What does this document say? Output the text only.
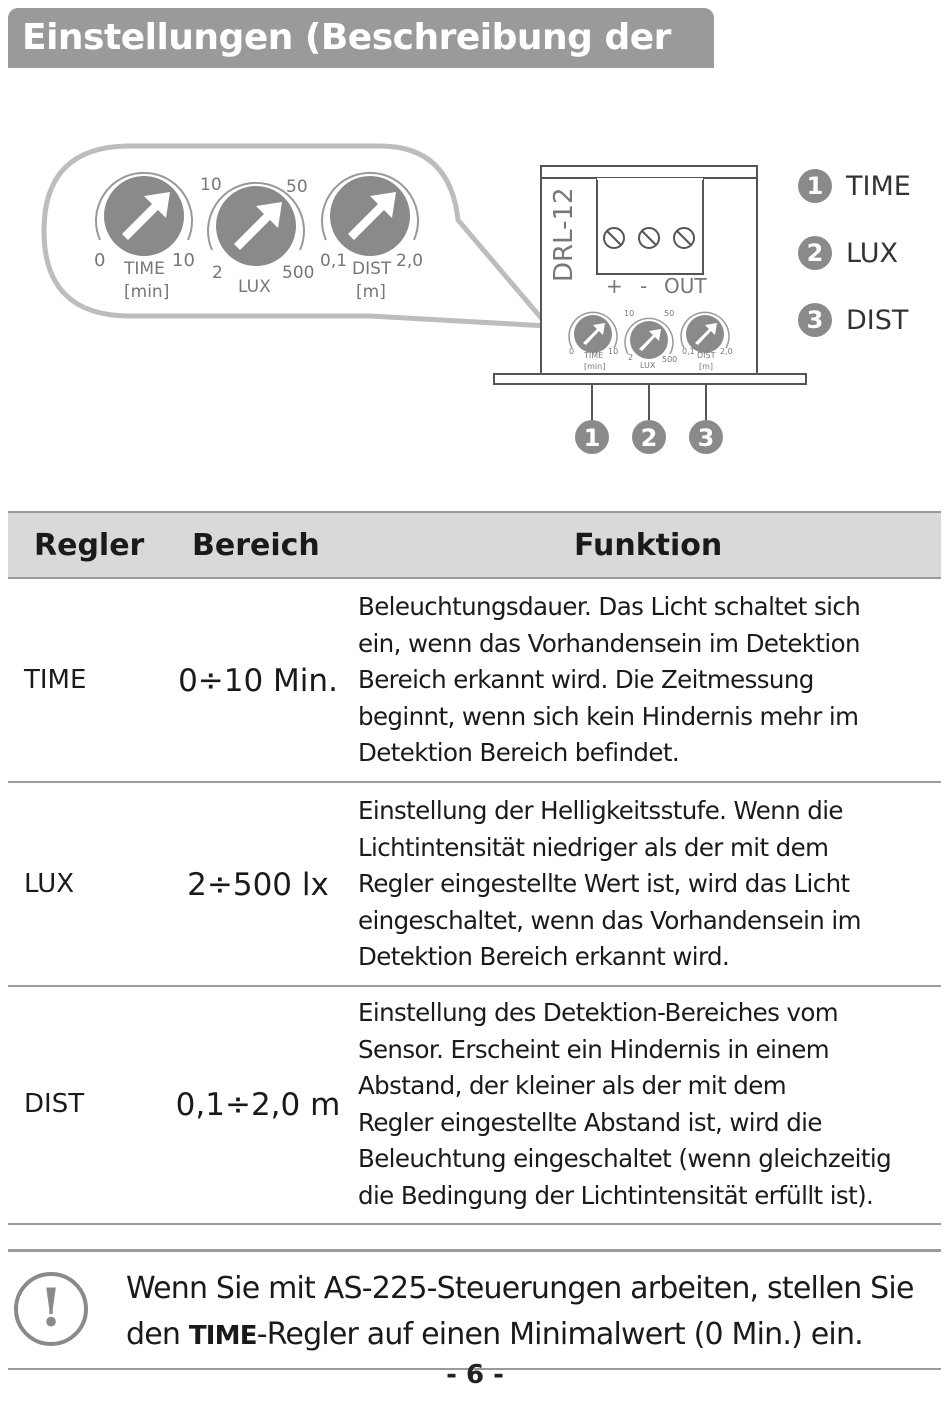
Einstellungen (Beschreibung der Regler)
0	10
TIME
[min]
10	50
2	500
LUX
0,1	2,0
DIST
[m]
DRL-12
+ - OUT
0	10
TIME
[min]
10	50
2	500
LUX
0,1	2,0
DIST
[m]
1 2 3
1 TIME
2 LUX
3 DIST
Regler Bereich	Funktion
TIME	0÷10 Min.
Beleuchtungsdauer. Das Licht schaltet sich
ein, wenn das Vorhandensein im Detektion
Bereich erkannt wird. Die Zeitmessung
beginnt, wenn sich kein Hindernis mehr im
Detektion Bereich befindet.
LUX	2÷500 lx
Einstellung der Helligkeitsstufe. Wenn die
Lichtintensität niedriger als der mit dem
Regler eingestellte Wert ist, wird das Licht
eingeschaltet, wenn das Vorhandensein im
Detektion Bereich erkannt wird.
DIST	0,1÷2,0 m
Einstellung des Detektion-Bereiches vom
Sensor. Erscheint ein Hindernis in einem
Abstand, der kleiner als der mit dem
Regler eingestellte Abstand ist, wird die
Beleuchtung eingeschaltet (wenn gleichzeitig
die Bedingung der Lichtintensität erfüllt ist).
!	Wenn Sie mit AS-225-Steuerungen arbeiten, stellen Sie
den TIME-Regler auf einen Minimalwert (0 Min.) ein.
- 6 -
